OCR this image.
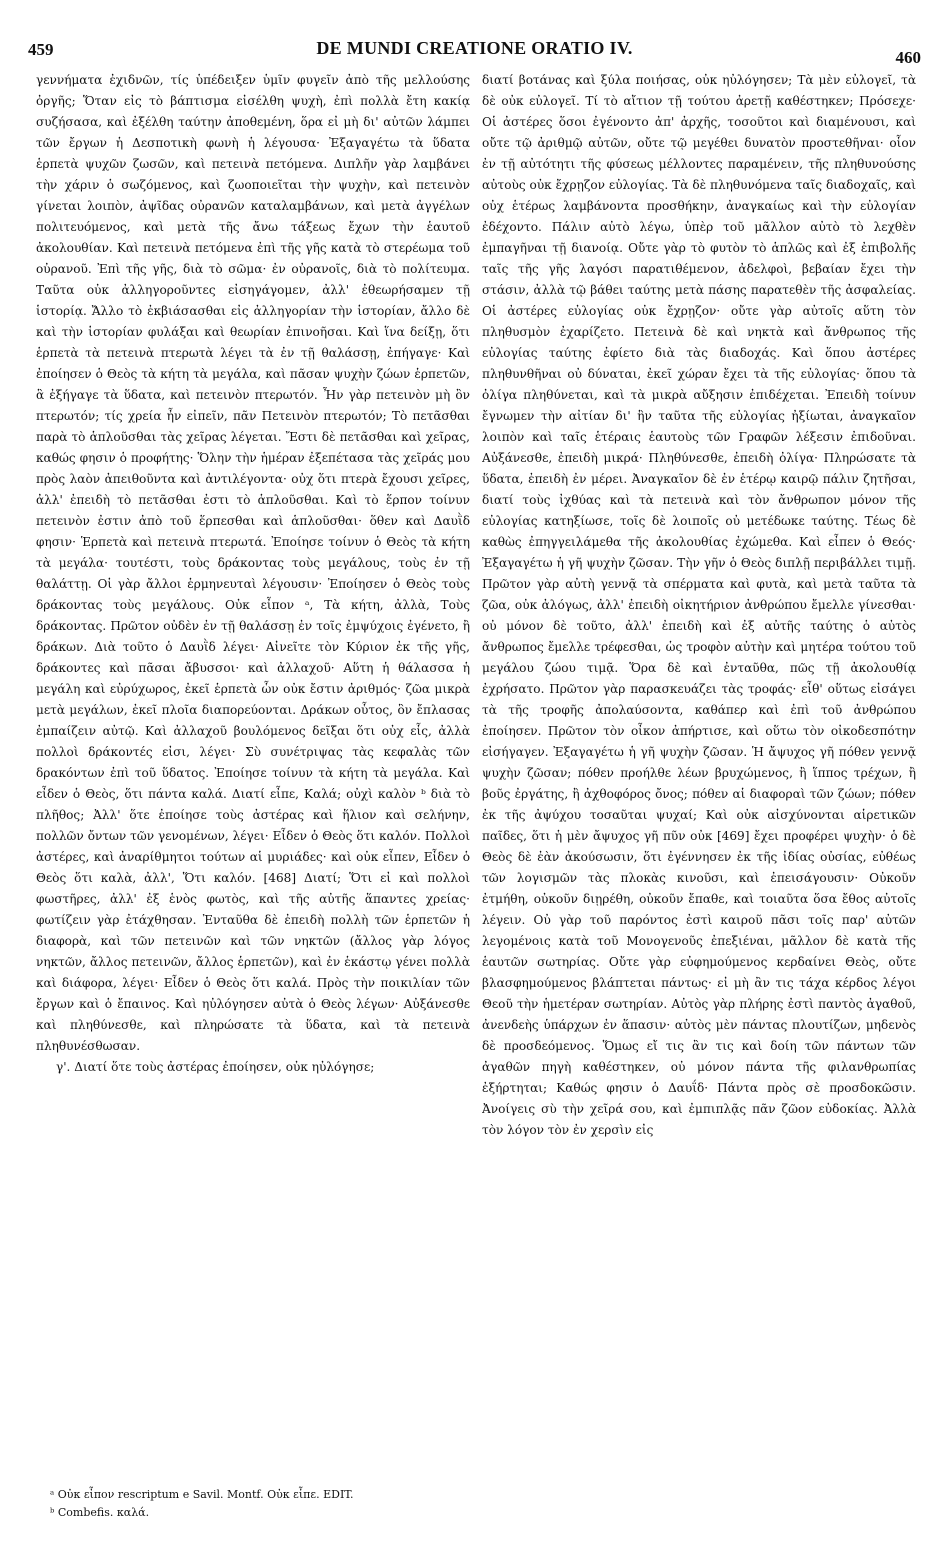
459	DE MUNDI CREATIONE ORATIO IV.	460

γεννήματα ἐχιδνῶν, τίς ὑπέδειξεν ὑμῖν φυγεῖν ἀπὸ τῆς μελλούσης ὀργῆς; Ὅταν εἰς τὸ βάπτισμα εἰσέλθη ψυχὴ, ἐπὶ πολλὰ ἔτη κακίᾳ συζήσασα, καὶ ἐξέλθη ταύτην ἀποθεμένη, ὅρα εἰ μὴ δι' αὐτῶν λάμπει τῶν ἔργων ἡ Δεσποτικὴ φωνὴ ἡ λέγουσα· Ἐξαγαγέτω τὰ ὕδατα ἑρπετὰ ψυχῶν ζωσῶν, καὶ πετεινὰ πετόμενα. Διπλῆν γὰρ λαμβάνει τὴν χάριν ὁ σωζόμενος, καὶ ζωοποιεῖται τὴν ψυχὴν, καὶ πετεινὸν γίνεται λοιπὸν, ἀψῖδας οὐρανῶν καταλαμβάνων, καὶ μετὰ ἀγγέλων πολιτευόμενος, καὶ μετὰ τῆς ἄνω τάξεως ἔχων τὴν ἑαυτοῦ ἀκολουθίαν. Καὶ πετεινὰ πετόμενα ἐπὶ τῆς γῆς κατὰ τὸ στερέωμα τοῦ οὐρανοῦ. Ἐπὶ τῆς γῆς, διὰ τὸ σῶμα· ἐν οὐρανοῖς, διὰ τὸ πολίτευμα. Ταῦτα οὐκ ἀλληγοροῦντες εἰσηγάγομεν, ἀλλ' ἐθεωρήσαμεν τῇ ἱστορίᾳ. Ἄλλο τὸ ἐκβιάσασθαι εἰς ἀλληγορίαν τὴν ἱστορίαν, ἄλλο δὲ καὶ τὴν ἱστορίαν φυλάξαι καὶ θεωρίαν ἐπινοῆσαι. Καὶ ἵνα δείξῃ, ὅτι ἑρπετὰ τὰ πετεινὰ πτερωτὰ λέγει τὰ ἐν τῇ θαλάσσῃ, ἐπήγαγε· Καὶ ἐποίησεν ὁ Θεὸς τὰ κήτη τὰ μεγάλα, καὶ πᾶσαν ψυχὴν ζώων ἑρπετῶν, ἃ ἐξήγαγε τὰ ὕδατα, καὶ πετεινὸν πτερωτόν. Ἦν γὰρ πετεινὸν μὴ ὂν πτερωτόν; τίς χρεία ἦν εἰπεῖν, πᾶν Πετεινὸν πτερωτόν; Τὸ πετᾶσθαι παρὰ τὸ ἁπλοῦσθαι τὰς χεῖρας λέγεται. Ἔστι δὲ πετᾶσθαι καὶ χεῖρας, καθώς φησιν ὁ προφήτης· Ὅλην τὴν ἡμέραν ἐξεπέτασα τὰς χεῖράς μου πρὸς λαὸν ἀπειθοῦντα καὶ ἀντιλέγοντα· οὐχ ὅτι πτερὰ ἔχουσι χεῖρες, ἀλλ' ἐπειδὴ τὸ πετᾶσθαι ἐστι τὸ ἁπλοῦσθαι. Καὶ τὸ ἕρπον τοίνυν πετεινὸν ἐστιν ἀπὸ τοῦ ἕρπεσθαι καὶ ἁπλοῦσθαι· ὅθεν καὶ Δαυῒδ φησιν· Ἑρπετὰ καὶ πετεινὰ πτερωτά. Ἐποίησε τοίνυν ὁ Θεὸς τὰ κήτη τὰ μεγάλα· τουτέστι, τοὺς δράκοντας τοὺς μεγάλους, τοὺς ἐν τῇ θαλάττῃ. Οἱ γὰρ ἄλλοι ἑρμηνευταὶ λέγουσιν· Ἐποίησεν ὁ Θεὸς τοὺς δράκοντας τοὺς μεγάλους. Οὐκ εἶπον ᵃ, Τὰ κήτη, ἀλλὰ, Τοὺς δράκοντας. Πρῶτον οὐδὲν ἐν τῇ θαλάσσῃ ἐν τοῖς ἐμψύχοις ἐγένετο, ἢ δράκων. Διὰ τοῦτο ὁ Δαυῒδ λέγει· Αἰνεῖτε τὸν Κύριον ἐκ τῆς γῆς, δράκοντες καὶ πᾶσαι ἄβυσσοι· καὶ ἀλλαχοῦ· Αὕτη ἡ θάλασσα ἡ μεγάλη καὶ εὐρύχωρος, ἐκεῖ ἑρπετὰ ὧν οὐκ ἔστιν ἀριθμός· ζῶα μικρὰ μετὰ μεγάλων, ἐκεῖ πλοῖα διαπορεύονται. Δράκων οὗτος, ὃν ἔπλασας ἐμπαίζειν αὐτῷ. Καὶ ἀλλαχοῦ βουλόμενος δεῖξαι ὅτι οὐχ εἷς, ἀλλὰ πολλοὶ δράκοντές εἰσι, λέγει· Σὺ συνέτριψας τὰς κεφαλὰς τῶν δρακόντων ἐπὶ τοῦ ὕδατος. Ἐποίησε τοίνυν τὰ κήτη τὰ μεγάλα. Καὶ εἶδεν ὁ Θεὸς, ὅτι πάντα καλά. Διατί εἶπε, Καλά; οὐχὶ καλὸν ᵇ διὰ τὸ πλῆθος; Ἀλλ' ὅτε ἐποίησε τοὺς ἀστέρας καὶ ἥλιον καὶ σελήνην, πολλῶν ὄντων τῶν γενομένων, λέγει· Εἶδεν ὁ Θεὸς ὅτι καλόν. Πολλοὶ ἀστέρες, καὶ ἀναρίθμητοι τούτων αἱ μυριάδες· καὶ οὐκ εἶπεν, Εἶδεν ὁ Θεὸς ὅτι καλὰ, ἀλλ', Ὅτι καλόν. [468] Διατί; Ὅτι εἰ καὶ πολλοὶ φωστῆρες, ἀλλ' ἐξ ἑνὸς φωτὸς, καὶ τῆς αὐτῆς ἅπαντες χρείας· φωτίζειν γὰρ ἐτάχθησαν. Ἐνταῦθα δὲ ἐπειδὴ πολλὴ τῶν ἑρπετῶν ἡ διαφορὰ, καὶ τῶν πετεινῶν καὶ τῶν νηκτῶν (ἄλλος γὰρ λόγος νηκτῶν, ἄλλος πετεινῶν, ἄλλος ἑρπετῶν), καὶ ἐν ἑκάστῳ γένει πολλὰ καὶ διάφορα, λέγει· Εἶδεν ὁ Θεὸς ὅτι καλά. Πρὸς τὴν ποικιλίαν τῶν ἔργων καὶ ὁ ἔπαινος. Καὶ ηὐλόγησεν αὐτὰ ὁ Θεὸς λέγων· Αὐξάνεσθε καὶ πληθύνεσθε, καὶ πληρώσατε τὰ ὕδατα, καὶ τὰ πετεινὰ πληθυνέσθωσαν.

γ'. Διατί ὅτε τοὺς ἀστέρας ἐποίησεν, οὐκ ηὐλόγησε;

διατί βοτάνας καὶ ξύλα ποιήσας, οὐκ ηὐλόγησεν; Τὰ μὲν εὐλογεῖ, τὰ δὲ οὐκ εὐλογεῖ. Τί τὸ αἴτιον τῇ τούτου ἀρετῇ καθέστηκεν; Πρόσεχε· Οἱ ἀστέρες ὅσοι ἐγένοντο ἀπ' ἀρχῆς, τοσοῦτοι καὶ διαμένουσι, καὶ οὔτε τῷ ἀριθμῷ αὐτῶν, οὔτε τῷ μεγέθει δυνατὸν προστεθῆναι· οἷον ἐν τῇ αὐτότητι τῆς φύσεως μέλλοντες παραμένειν, τῆς πληθυνούσης αὐτοὺς οὐκ ἔχρῃζον εὐλογίας. Τὰ δὲ πληθυνόμενα ταῖς διαδοχαῖς, καὶ οὐχ ἑτέρως λαμβάνοντα προσθήκην, ἀναγκαίως καὶ τὴν εὐλογίαν ἐδέχοντο. Πάλιν αὐτὸ λέγω, ὑπὲρ τοῦ μᾶλλον αὐτὸ τὸ λεχθὲν ἐμπαγῆναι τῇ διανοίᾳ. Οὔτε γὰρ τὸ φυτὸν τὸ ἁπλῶς καὶ ἐξ ἐπιβολῆς ταῖς τῆς γῆς λαγόσι παρατιθέμενον, ἀδελφοὶ, βεβαίαν ἔχει τὴν στάσιν, ἀλλὰ τῷ βάθει ταύτης μετὰ πάσης παρατεθὲν τῆς ἀσφαλείας. Οἱ ἀστέρες εὐλογίας οὐκ ἔχρῃζον· οὔτε γὰρ αὐτοῖς αὕτη τὸν πληθυσμὸν ἐχαρίζετο. Πετεινὰ δὲ καὶ νηκτὰ καὶ ἄνθρωπος τῆς εὐλογίας ταύτης ἐφίετο διὰ τὰς διαδοχάς. Καὶ ὅπου ἀστέρες πληθυνθῆναι οὐ δύναται, ἐκεῖ χώραν ἔχει τὰ τῆς εὐλογίας· ὅπου τὰ ὀλίγα πληθύνεται, καὶ τὰ μικρὰ αὔξησιν ἐπιδέχεται. Ἐπειδὴ τοίνυν ἔγνωμεν τὴν αἰτίαν δι' ἣν ταῦτα τῆς εὐλογίας ἠξίωται, ἀναγκαῖον λοιπὸν καὶ ταῖς ἑτέραις ἑαυτοὺς τῶν Γραφῶν λέξεσιν ἐπιδοῦναι. Αὐξάνεσθε, ἐπειδὴ μικρά· Πληθύνεσθε, ἐπειδὴ ὀλίγα· Πληρώσατε τὰ ὕδατα, ἐπειδὴ ἐν μέρει. Ἀναγκαῖον δὲ ἐν ἑτέρῳ καιρῷ πάλιν ζητῆσαι, διατί τοὺς ἰχθύας καὶ τὰ πετεινὰ καὶ τὸν ἄνθρωπον μόνον τῆς εὐλογίας κατηξίωσε, τοῖς δὲ λοιποῖς οὐ μετέδωκε ταύτης. Τέως δὲ καθὼς ἐπηγγειλάμεθα τῆς ἀκολουθίας ἐχώμεθα. Καὶ εἶπεν ὁ Θεός· Ἐξαγαγέτω ἡ γῆ ψυχὴν ζῶσαν. Τὴν γῆν ὁ Θεὸς διπλῇ περιβάλλει τιμῇ. Πρῶτον γὰρ αὐτὴ γεννᾷ τὰ σπέρματα καὶ φυτὰ, καὶ μετὰ ταῦτα τὰ ζῶα, οὐκ ἀλόγως, ἀλλ' ἐπειδὴ οἰκητήριον ἀνθρώπου ἔμελλε γίνεσθαι· οὐ μόνον δὲ τοῦτο, ἀλλ' ἐπειδὴ καὶ ἐξ αὐτῆς ταύτης ὁ αὐτὸς ἄνθρωπος ἔμελλε τρέφεσθαι, ὡς τροφὸν αὐτὴν καὶ μητέρα τούτου τοῦ μεγάλου ζώου τιμᾷ. Ὅρα δὲ καὶ ἐνταῦθα, πῶς τῇ ἀκολουθίᾳ ἐχρήσατο. Πρῶτον γὰρ παρασκευάζει τὰς τροφάς· εἶθ' οὕτως εἰσάγει τὰ τῆς τροφῆς ἀπολαύσοντα, καθάπερ καὶ ἐπὶ τοῦ ἀνθρώπου ἐποίησεν. Πρῶτον τὸν οἶκον ἀπήρτισε, καὶ οὕτω τὸν οἰκοδεσπότην εἰσήγαγεν. Ἐξαγαγέτω ἡ γῆ ψυχὴν ζῶσαν. Ἡ ἄψυχος γῆ πόθεν γεννᾷ ψυχὴν ζῶσαν; πόθεν προήλθε λέων βρυχώμενος, ἢ ἵππος τρέχων, ἢ βοῦς ἐργάτης, ἢ ἀχθοφόρος ὄνος; πόθεν αἱ διαφοραὶ τῶν ζώων; πόθεν ἐκ τῆς ἀψύχου τοσαῦται ψυχαί; Καὶ οὐκ αἰσχύνονται αἱρετικῶν παῖδες, ὅτι ἡ μὲν ἄψυχος γῆ πῦν οὐκ [469] ἔχει προφέρει ψυχὴν· ὁ δὲ Θεὸς δὲ ἐὰν ἀκούσωσιν, ὅτι ἐγέννησεν ἐκ τῆς ἰδίας οὐσίας, εὐθέως τῶν λογισμῶν τὰς πλοκὰς κινοῦσι, καὶ ἐπεισάγουσιν· Οὐκοῦν ἐτμήθη, οὐκοῦν διῃρέθη, οὐκοῦν ἔπαθε, καὶ τοιαῦτα ὅσα ἔθος αὐτοῖς λέγειν. Οὐ γὰρ τοῦ παρόντος ἐστὶ καιροῦ πᾶσι τοῖς παρ' αὐτῶν λεγομένοις κατὰ τοῦ Μονογενοῦς ἐπεξιέναι, μᾶλλον δὲ κατὰ τῆς ἑαυτῶν σωτηρίας. Οὔτε γὰρ εὐφημούμενος κερδαίνει Θεὸς, οὔτε βλασφημούμενος βλάπτεται πάντως· εἰ μὴ ἂν τις τάχα κέρδος λέγοι Θεοῦ τὴν ἡμετέραν σωτηρίαν. Αὐτὸς γὰρ πλήρης ἐστὶ παντὸς ἀγαθοῦ, ἀνενδεὴς ὑπάρχων ἐν ἅπασιν· αὐτὸς μὲν πάντας πλουτίζων, μηδενὸς δὲ προσδεόμενος. Ὅμως εἴ τις ἂν τις καὶ δοίη τῶν πάντων τῶν ἀγαθῶν πηγὴ καθέστηκεν, οὐ μόνον πάντα τῆς φιλανθρωπίας ἐξήρτηται; Καθώς φησιν ὁ Δαυΐδ· Πάντα πρὸς σὲ προσδοκῶσιν. Ἀνοίγεις σὺ τὴν χεῖρά σου, καὶ ἐμπιπλᾷς πᾶν ζῶον εὐδοκίας. Ἀλλὰ τὸν λόγον τὸν ἐν χερσὶν εἰς

ᵃ Οὐκ εἶπον rescriptum e Savil. Montf. Οὐκ εἶπε. EDIT.

ᵇ Combefis. καλά.
